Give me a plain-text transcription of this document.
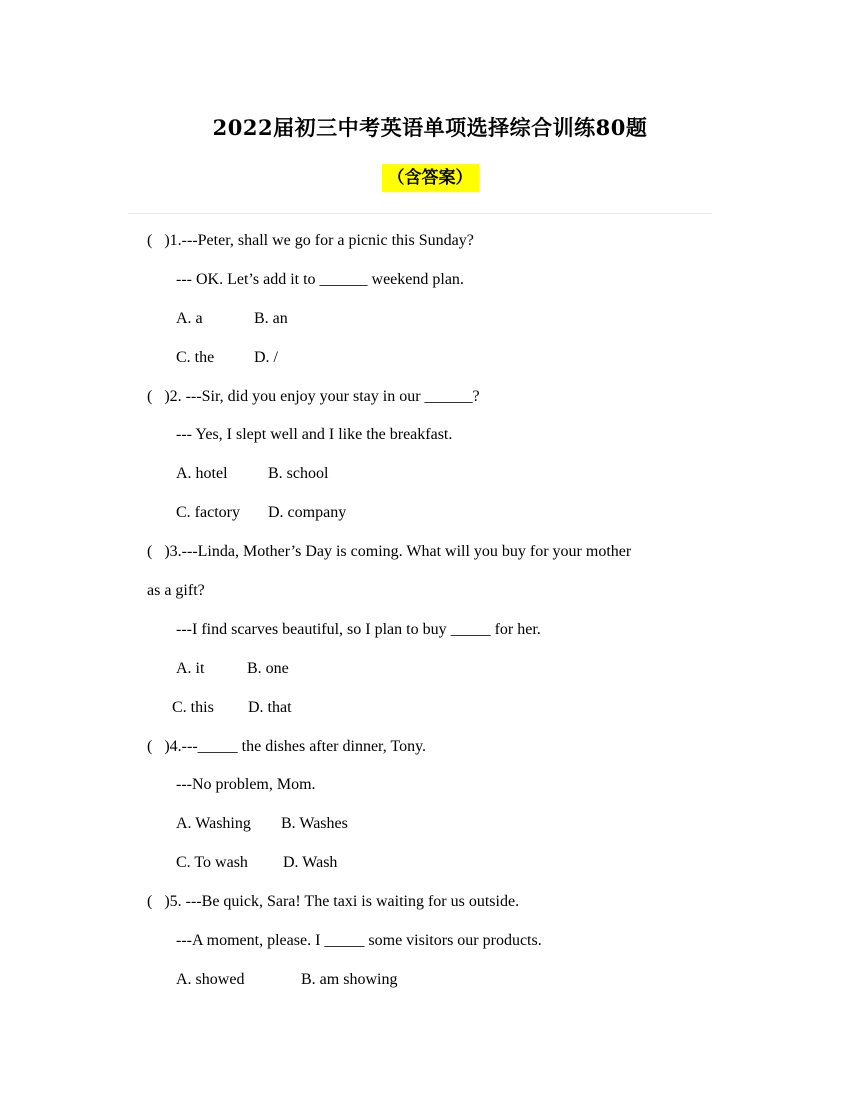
2022届初三中考英语单项选择综合训练80题
（含答案）
(   )1.---Peter, shall we go for a picnic this Sunday?
--- OK. Let’s add it to ______ weekend plan.
A. a	B. an
C. the D. /
(   )2. ---Sir, did you enjoy your stay in our ______?
--- Yes, I slept well and I like the breakfast.
A. hotel	B. school
C. factory D. company
(   )3.---Linda, Mother’s Day is coming. What will you buy for your mother
as a gift?
---I find scarves beautiful, so I plan to buy _____ for her.
A. it	B. one
C. this D. that
(   )4.---_____ the dishes after dinner, Tony.
---No problem, Mom.
A. Washing B. Washes
C. To wash D. Wash
(   )5. ---Be quick, Sara! The taxi is waiting for us outside.
---A moment, please. I _____ some visitors our products.
A. showed	B. am showing
